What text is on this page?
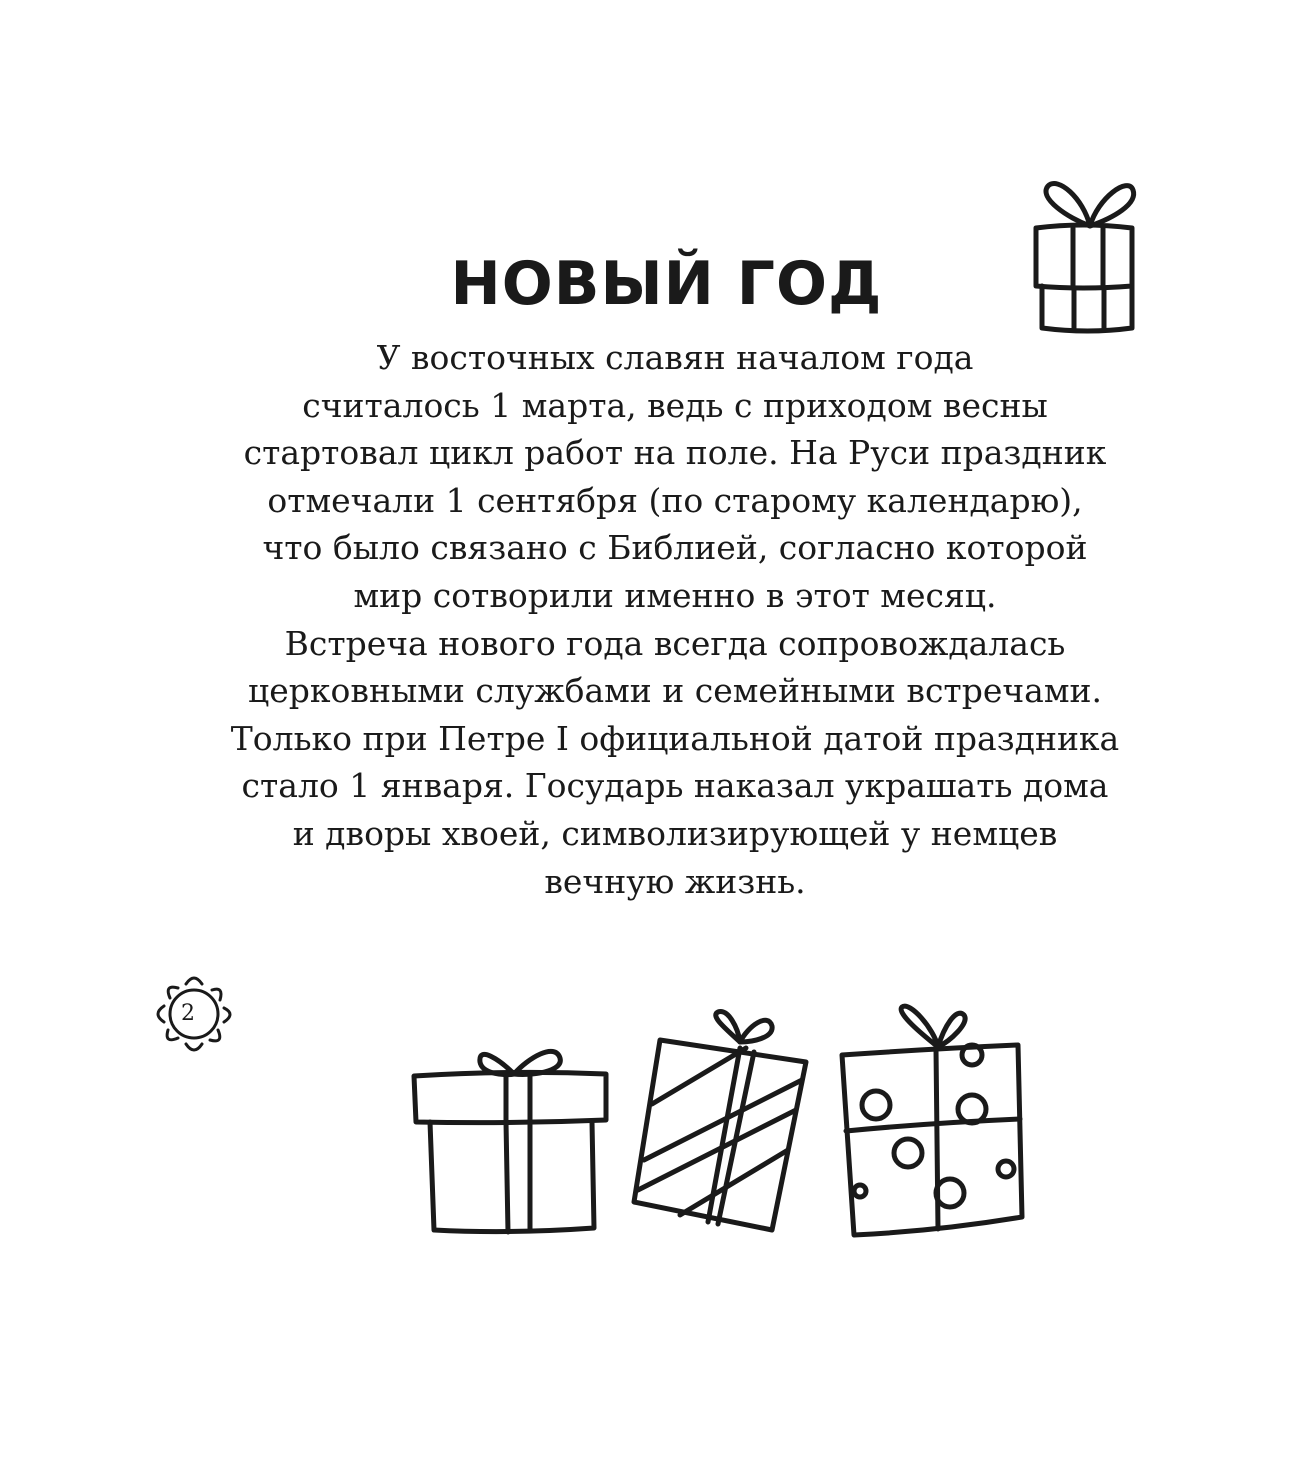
НОВЫЙ ГОД

У восточных славян началом года
считалось 1 марта, ведь с приходом весны
стартовал цикл работ на поле. На Руси праздник
отмечали 1 сентября (по старому календарю),
что было связано с Библией, согласно которой
мир сотворили именно в этот месяц.
Встреча нового года всегда сопровождалась
церковными службами и семейными встречами.
Только при Петре I официальной датой праздника
стало 1 января. Государь наказал украшать дома
и дворы хвоей, символизирующей у немцев
вечную жизнь.

2
